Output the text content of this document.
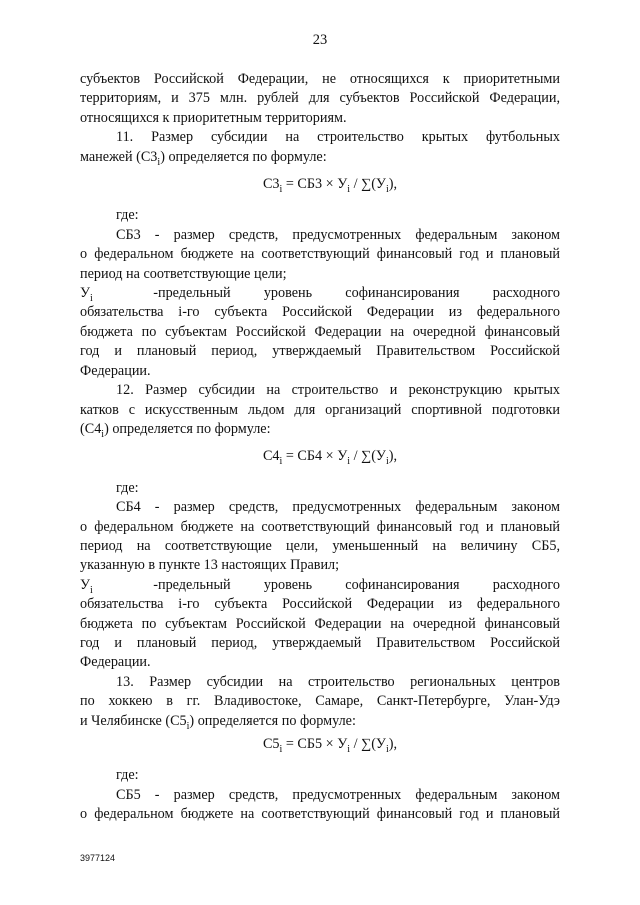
23

субъектов Российской Федерации, не относящихся к приоритетными

территориям, и 375 млн. рублей для субъектов Российской Федерации,

относящихся к приоритетным территориям.

11. Размер субсидии на строительство крытых футбольных

манежей $(С3_i)$ определяется по формуле:

$С3_i = СБ3 \times У_i / \sum(У_i)$,

где:

СБ3 - размер средств, предусмотренных федеральным законом

о федеральном бюджете на соответствующий финансовый год и плановый

период на соответствующие цели;

$У_i$	- предельный уровень софинансирования расходного

обязательства i-го субъекта Российской Федерации из федерального

бюджета по субъектам Российской Федерации на очередной финансовый

год и плановый период, утверждаемый Правительством Российской

Федерации.

12. Размер субсидии на строительство и реконструкцию крытых

катков с искусственным льдом для организаций спортивной подготовки

$(С4_i)$ определяется по формуле:

$С4_i = СБ4 \times У_i / \sum(У_i)$,

где:

СБ4 - размер средств, предусмотренных федеральным законом

о федеральном бюджете на соответствующий финансовый год и плановый

период на соответствующие цели, уменьшенный на величину СБ5,

указанную в пункте 13 настоящих Правил;

$У_i$	- предельный уровень софинансирования расходного

обязательства i-го субъекта Российской Федерации из федерального

бюджета по субъектам Российской Федерации на очередной финансовый

год и плановый период, утверждаемый Правительством Российской

Федерации.

13. Размер субсидии на строительство региональных центров

по хоккею в гг. Владивостоке, Самаре, Санкт-Петербурге, Улан-Удэ

и Челябинске $(С5_i)$ определяется по формуле:

$С5_i = СБ5 \times У_i / \sum(У_i)$,

где:

СБ5 - размер средств, предусмотренных федеральным законом

о федеральном бюджете на соответствующий финансовый год и плановый

3977124
